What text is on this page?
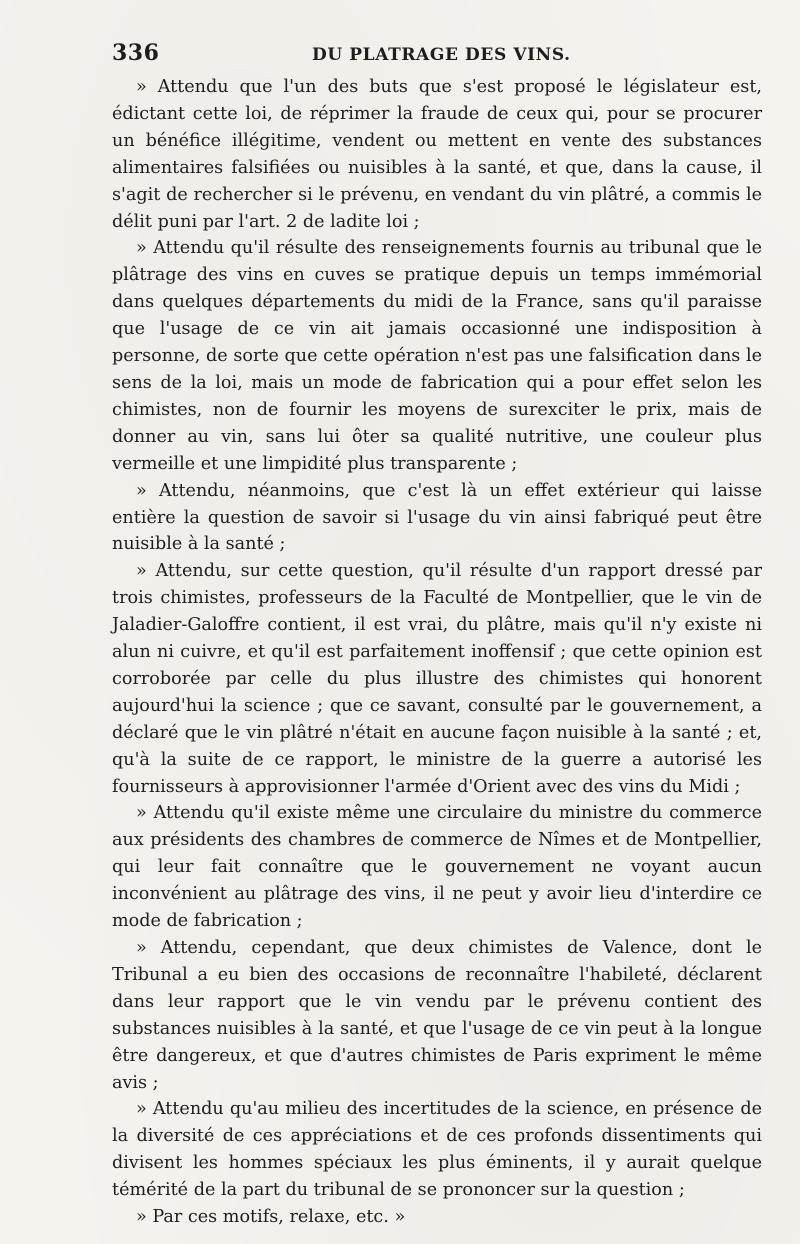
336	DU PLATRAGE DES VINS.

» Attendu que l'un des buts que s'est proposé le législateur est, édictant cette loi, de réprimer la fraude de ceux qui, pour se procurer un bénéfice illégitime, vendent ou mettent en vente des substances alimentaires falsifiées ou nuisibles à la santé, et que, dans la cause, il s'agit de rechercher si le prévenu, en vendant du vin plâtré, a commis le délit puni par l'art. 2 de ladite loi ;

» Attendu qu'il résulte des renseignements fournis au tribunal que le plâtrage des vins en cuves se pratique depuis un temps immémorial dans quelques départements du midi de la France, sans qu'il paraisse que l'usage de ce vin ait jamais occasionné une indisposition à personne, de sorte que cette opération n'est pas une falsification dans le sens de la loi, mais un mode de fabrication qui a pour effet selon les chimistes, non de fournir les moyens de surexciter le prix, mais de donner au vin, sans lui ôter sa qualité nutritive, une couleur plus vermeille et une limpidité plus transparente ;

» Attendu, néanmoins, que c'est là un effet extérieur qui laisse entière la question de savoir si l'usage du vin ainsi fabriqué peut être nuisible à la santé ;

» Attendu, sur cette question, qu'il résulte d'un rapport dressé par trois chimistes, professeurs de la Faculté de Montpellier, que le vin de Jaladier-Galoffre contient, il est vrai, du plâtre, mais qu'il n'y existe ni alun ni cuivre, et qu'il est parfaitement inoffensif ; que cette opinion est corroborée par celle du plus illustre des chimistes qui honorent aujourd'hui la science ; que ce savant, consulté par le gouvernement, a déclaré que le vin plâtré n'était en aucune façon nuisible à la santé ; et, qu'à la suite de ce rapport, le ministre de la guerre a autorisé les fournisseurs à approvisionner l'armée d'Orient avec des vins du Midi ;

» Attendu qu'il existe même une circulaire du ministre du commerce aux présidents des chambres de commerce de Nîmes et de Montpellier, qui leur fait connaître que le gouvernement ne voyant aucun inconvénient au plâtrage des vins, il ne peut y avoir lieu d'interdire ce mode de fabrication ;

» Attendu, cependant, que deux chimistes de Valence, dont le Tribunal a eu bien des occasions de reconnaître l'habileté, déclarent dans leur rapport que le vin vendu par le prévenu contient des substances nuisibles à la santé, et que l'usage de ce vin peut à la longue être dangereux, et que d'autres chimistes de Paris expriment le même avis ;

» Attendu qu'au milieu des incertitudes de la science, en présence de la diversité de ces appréciations et de ces profonds dissentiments qui divisent les hommes spéciaux les plus éminents, il y aurait quelque témérité de la part du tribunal de se prononcer sur la question ;

» Par ces motifs, relaxe, etc. »
